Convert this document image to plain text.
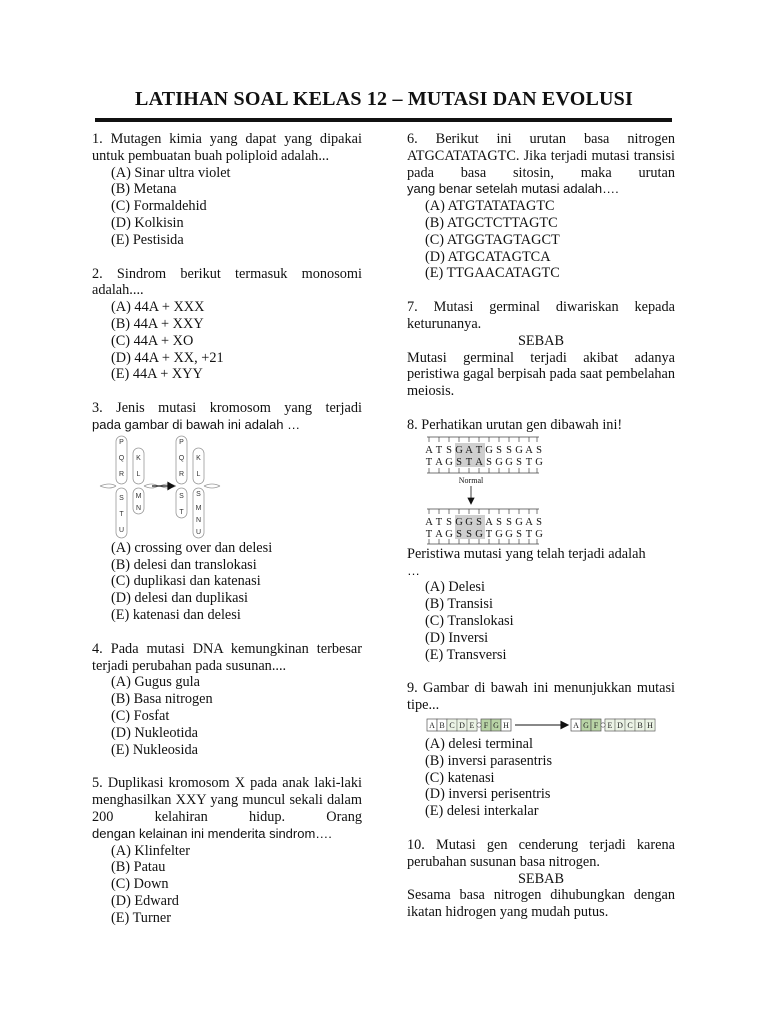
LATIHAN SOAL KELAS 12 – MUTASI DAN EVOLUSI
1. Mutagen kimia yang dapat yang dipakai untuk pembuatan buah poliploid adalah...
(A) Sinar ultra violet
(B) Metana
(C) Formaldehid
(D) Kolkisin
(E) Pestisida
2. Sindrom berikut termasuk monosomi adalah....
(A) 44A + XXX
(B) 44A + XXY
(C) 44A + XO
(D) 44A + XX, +21
(E) 44A + XYY
3. Jenis mutasi kromosom yang terjadi
pada gambar di bawah ini adalah …
P
Q
R
S
T
U
K
L
M
N
P
Q
R
S
T
K
L
S
M
N
U
(A) crossing over dan delesi
(B) delesi dan translokasi
(C) duplikasi dan katenasi
(D) delesi dan duplikasi
(E) katenasi dan delesi
4. Pada mutasi DNA kemungkinan terbesar terjadi perubahan pada susunan....
(A) Gugus gula
(B) Basa nitrogen
(C) Fosfat
(D) Nukleotida
(E) Nukleosida
5. Duplikasi kromosom X pada anak laki-laki menghasilkan XXY yang muncul sekali dalam 200 kelahiran hidup. Orang
dengan kelainan ini menderita sindrom….
(A) Klinfelter
(B) Patau
(C) Down
(D) Edward
(E) Turner
6. Berikut ini urutan basa nitrogen ATGCATATAGTC. Jika terjadi mutasi transisi pada basa sitosin, maka urutan
yang benar setelah mutasi adalah….
(A) ATGTATATAGTC
(B) ATGCTCTTAGTC
(C) ATGGTAGTAGCT
(D) ATGCATAGTCA
(E) TTGAACATAGTC
7. Mutasi germinal diwariskan kepada keturunanya.
SEBAB
Mutasi germinal terjadi akibat adanya peristiwa gagal berpisah pada saat pembelahan meiosis.
8. Perhatikan urutan gen dibawah ini!
A T S G A T G S S G A S
T A G S T A S G G S T G
A T S G G S A S S G A S
T A G S S G T G G S T G
Normal
Peristiwa mutasi yang telah terjadi adalah
…
(A) Delesi
(B) Transisi
(C) Translokasi
(D) Inversi
(E) Transversi
9. Gambar di bawah ini menunjukkan mutasi tipe...
A B C D E F G H	A G F E D C B H
(A) delesi terminal
(B) inversi parasentris
(C) katenasi
(D) inversi perisentris
(E) delesi interkalar
10. Mutasi gen cenderung terjadi karena perubahan susunan basa nitrogen.
SEBAB
Sesama basa nitrogen dihubungkan dengan ikatan hidrogen yang mudah putus.
